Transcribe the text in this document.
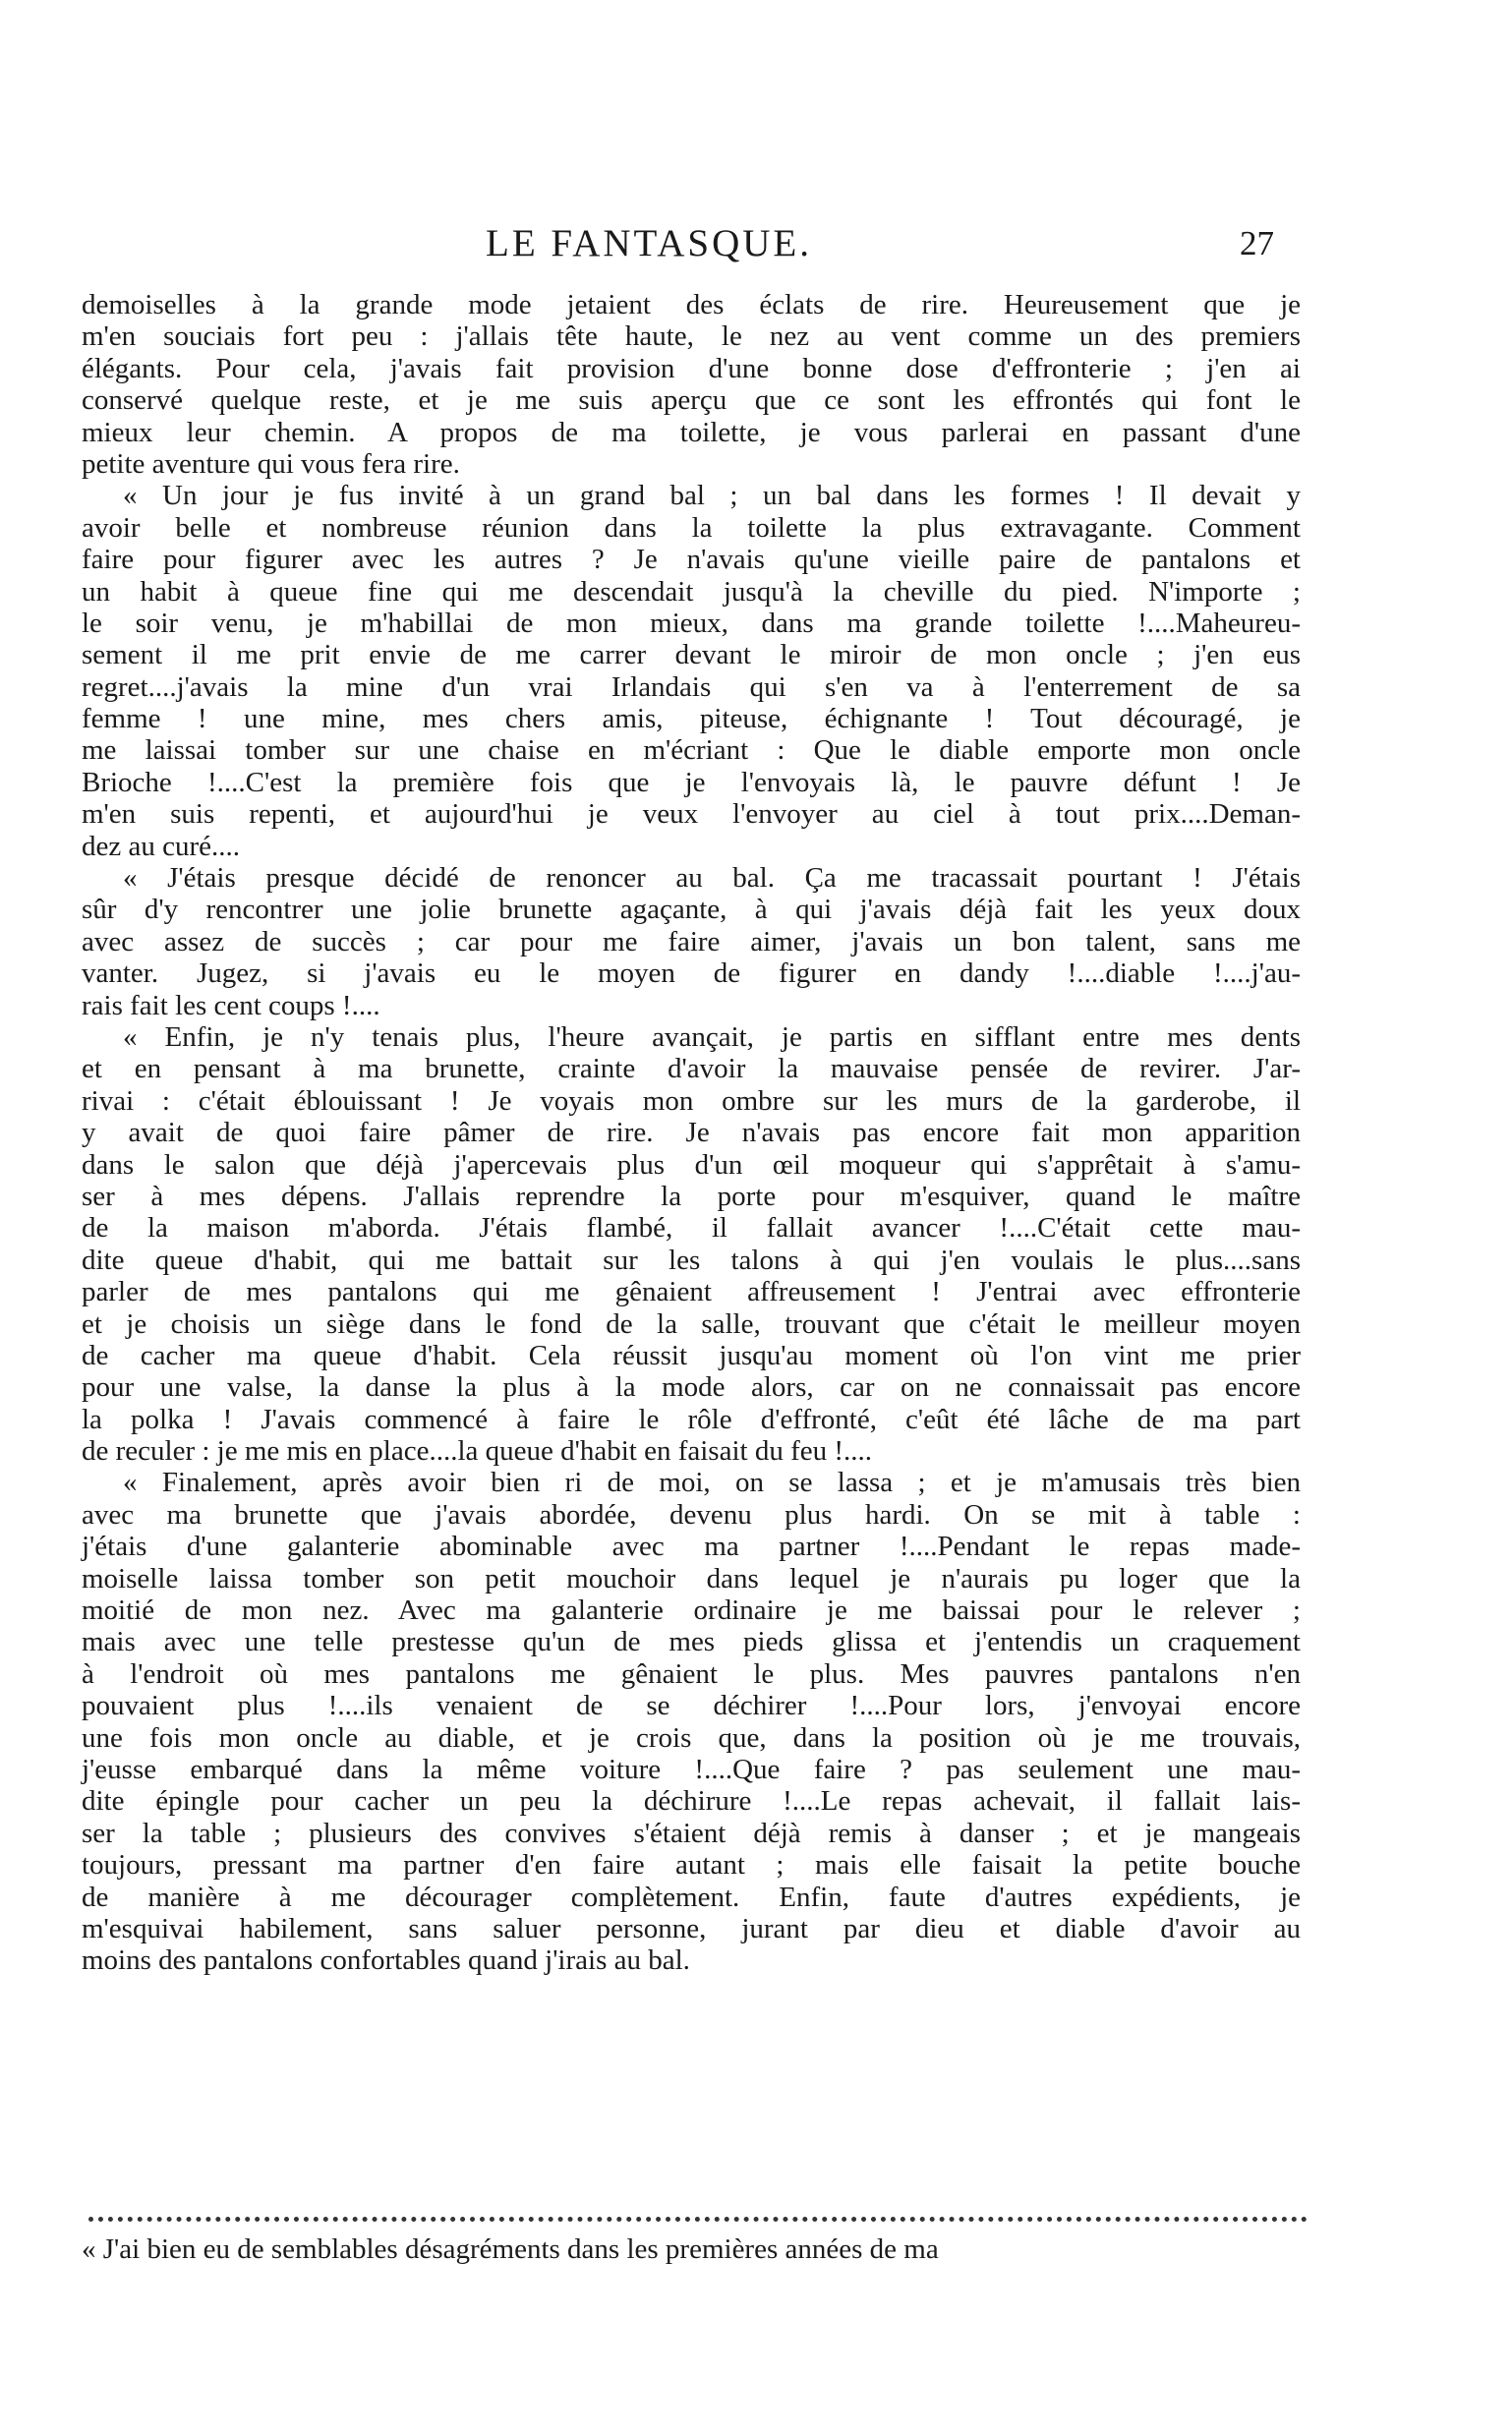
LE FANTASQUE.	27
demoiselles à la grande mode jetaient des éclats de rire. Heureusement que je
m'en souciais fort peu : j'allais tête haute, le nez au vent comme un des premiers
élégants. Pour cela, j'avais fait provision d'une bonne dose d'effronterie ; j'en ai
conservé quelque reste, et je me suis aperçu que ce sont les effrontés qui font le
mieux leur chemin. A propos de ma toilette, je vous parlerai en passant d'une
petite aventure qui vous fera rire.
« Un jour je fus invité à un grand bal ; un bal dans les formes ! Il devait y
avoir belle et nombreuse réunion dans la toilette la plus extravagante. Comment
faire pour figurer avec les autres ? Je n'avais qu'une vieille paire de pantalons et
un habit à queue fine qui me descendait jusqu'à la cheville du pied. N'importe ;
le soir venu, je m'habillai de mon mieux, dans ma grande toilette !....Maheureu-
sement il me prit envie de me carrer devant le miroir de mon oncle ; j'en eus
regret....j'avais la mine d'un vrai Irlandais qui s'en va à l'enterrement de sa
femme ! une mine, mes chers amis, piteuse, échignante ! Tout découragé, je
me laissai tomber sur une chaise en m'écriant : Que le diable emporte mon oncle
Brioche !....C'est la première fois que je l'envoyais là, le pauvre défunt ! Je
m'en suis repenti, et aujourd'hui je veux l'envoyer au ciel à tout prix....Deman-
dez au curé....
« J'étais presque décidé de renoncer au bal. Ça me tracassait pourtant ! J'étais
sûr d'y rencontrer une jolie brunette agaçante, à qui j'avais déjà fait les yeux doux
avec assez de succès ; car pour me faire aimer, j'avais un bon talent, sans me
vanter. Jugez, si j'avais eu le moyen de figurer en dandy !....diable !....j'au-
rais fait les cent coups !....
« Enfin, je n'y tenais plus, l'heure avançait, je partis en sifflant entre mes dents
et en pensant à ma brunette, crainte d'avoir la mauvaise pensée de revirer. J'ar-
rivai : c'était éblouissant ! Je voyais mon ombre sur les murs de la garderobe, il
y avait de quoi faire pâmer de rire. Je n'avais pas encore fait mon apparition
dans le salon que déjà j'apercevais plus d'un œil moqueur qui s'apprêtait à s'amu-
ser à mes dépens. J'allais reprendre la porte pour m'esquiver, quand le maître
de la maison m'aborda. J'étais flambé, il fallait avancer !....C'était cette mau-
dite queue d'habit, qui me battait sur les talons à qui j'en voulais le plus....sans
parler de mes pantalons qui me gênaient affreusement ! J'entrai avec effronterie
et je choisis un siège dans le fond de la salle, trouvant que c'était le meilleur moyen
de cacher ma queue d'habit. Cela réussit jusqu'au moment où l'on vint me prier
pour une valse, la danse la plus à la mode alors, car on ne connaissait pas encore
la polka ! J'avais commencé à faire le rôle d'effronté, c'eût été lâche de ma part
de reculer : je me mis en place....la queue d'habit en faisait du feu !....
« Finalement, après avoir bien ri de moi, on se lassa ; et je m'amusais très bien
avec ma brunette que j'avais abordée, devenu plus hardi. On se mit à table :
j'étais d'une galanterie abominable avec ma partner !....Pendant le repas made-
moiselle laissa tomber son petit mouchoir dans lequel je n'aurais pu loger que la
moitié de mon nez. Avec ma galanterie ordinaire je me baissai pour le relever ;
mais avec une telle prestesse qu'un de mes pieds glissa et j'entendis un craquement
à l'endroit où mes pantalons me gênaient le plus. Mes pauvres pantalons n'en
pouvaient plus !....ils venaient de se déchirer !....Pour lors, j'envoyai encore
une fois mon oncle au diable, et je crois que, dans la position où je me trouvais,
j'eusse embarqué dans la même voiture !....Que faire ? pas seulement une mau-
dite épingle pour cacher un peu la déchirure !....Le repas achevait, il fallait lais-
ser la table ; plusieurs des convives s'étaient déjà remis à danser ; et je mangeais
toujours, pressant ma partner d'en faire autant ; mais elle faisait la petite bouche
de manière à me décourager complètement. Enfin, faute d'autres expédients, je
m'esquivai habilement, sans saluer personne, jurant par dieu et diable d'avoir au
moins des pantalons confortables quand j'irais au bal.
« J'ai bien eu de semblables désagréments dans les premières années de ma
